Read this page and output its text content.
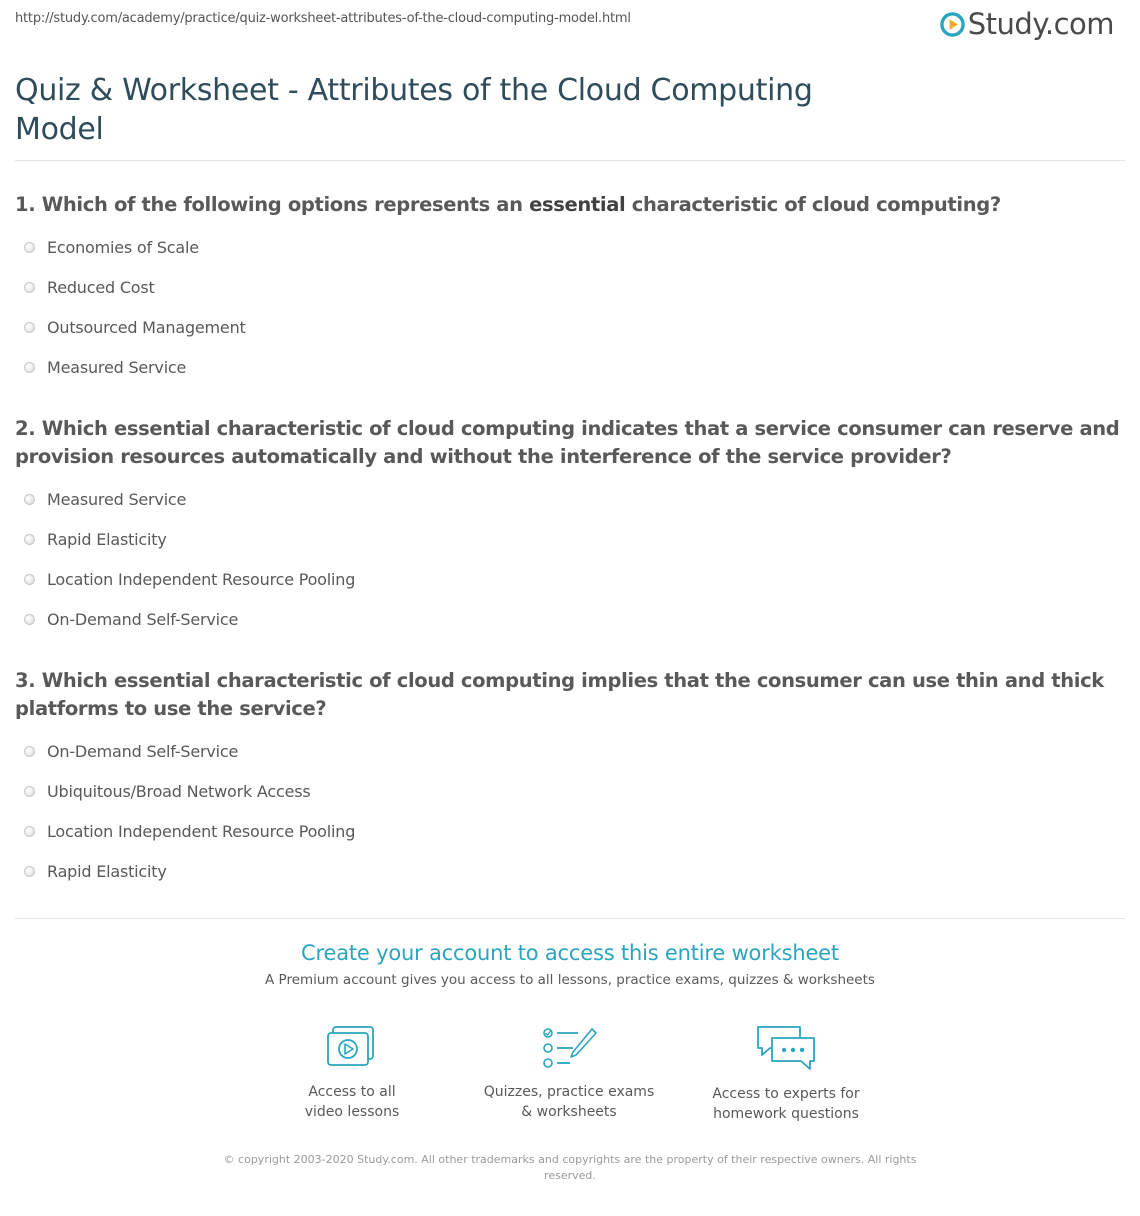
http://study.com/academy/practice/quiz-worksheet-attributes-of-the-cloud-computing-model.html	Study.com
Quiz & Worksheet - Attributes of the Cloud Computing Model
1. Which of the following options represents an essential characteristic of cloud computing?
Economies of Scale
Reduced Cost
Outsourced Management
Measured Service
2. Which essential characteristic of cloud computing indicates that a service consumer can reserve and provision resources automatically and without the interference of the service provider?
Measured Service
Rapid Elasticity
Location Independent Resource Pooling
On-Demand Self-Service
3. Which essential characteristic of cloud computing implies that the consumer can use thin and thick platforms to use the service?
On-Demand Self-Service
Ubiquitous/Broad Network Access
Location Independent Resource Pooling
Rapid Elasticity
Create your account to access this entire worksheet
A Premium account gives you access to all lessons, practice exams, quizzes & worksheets
Access to all
video lessons
Quizzes, practice exams
& worksheets
Access to experts for
homework questions
© copyright 2003-2020 Study.com. All other trademarks and copyrights are the property of their respective owners. All rights reserved.
